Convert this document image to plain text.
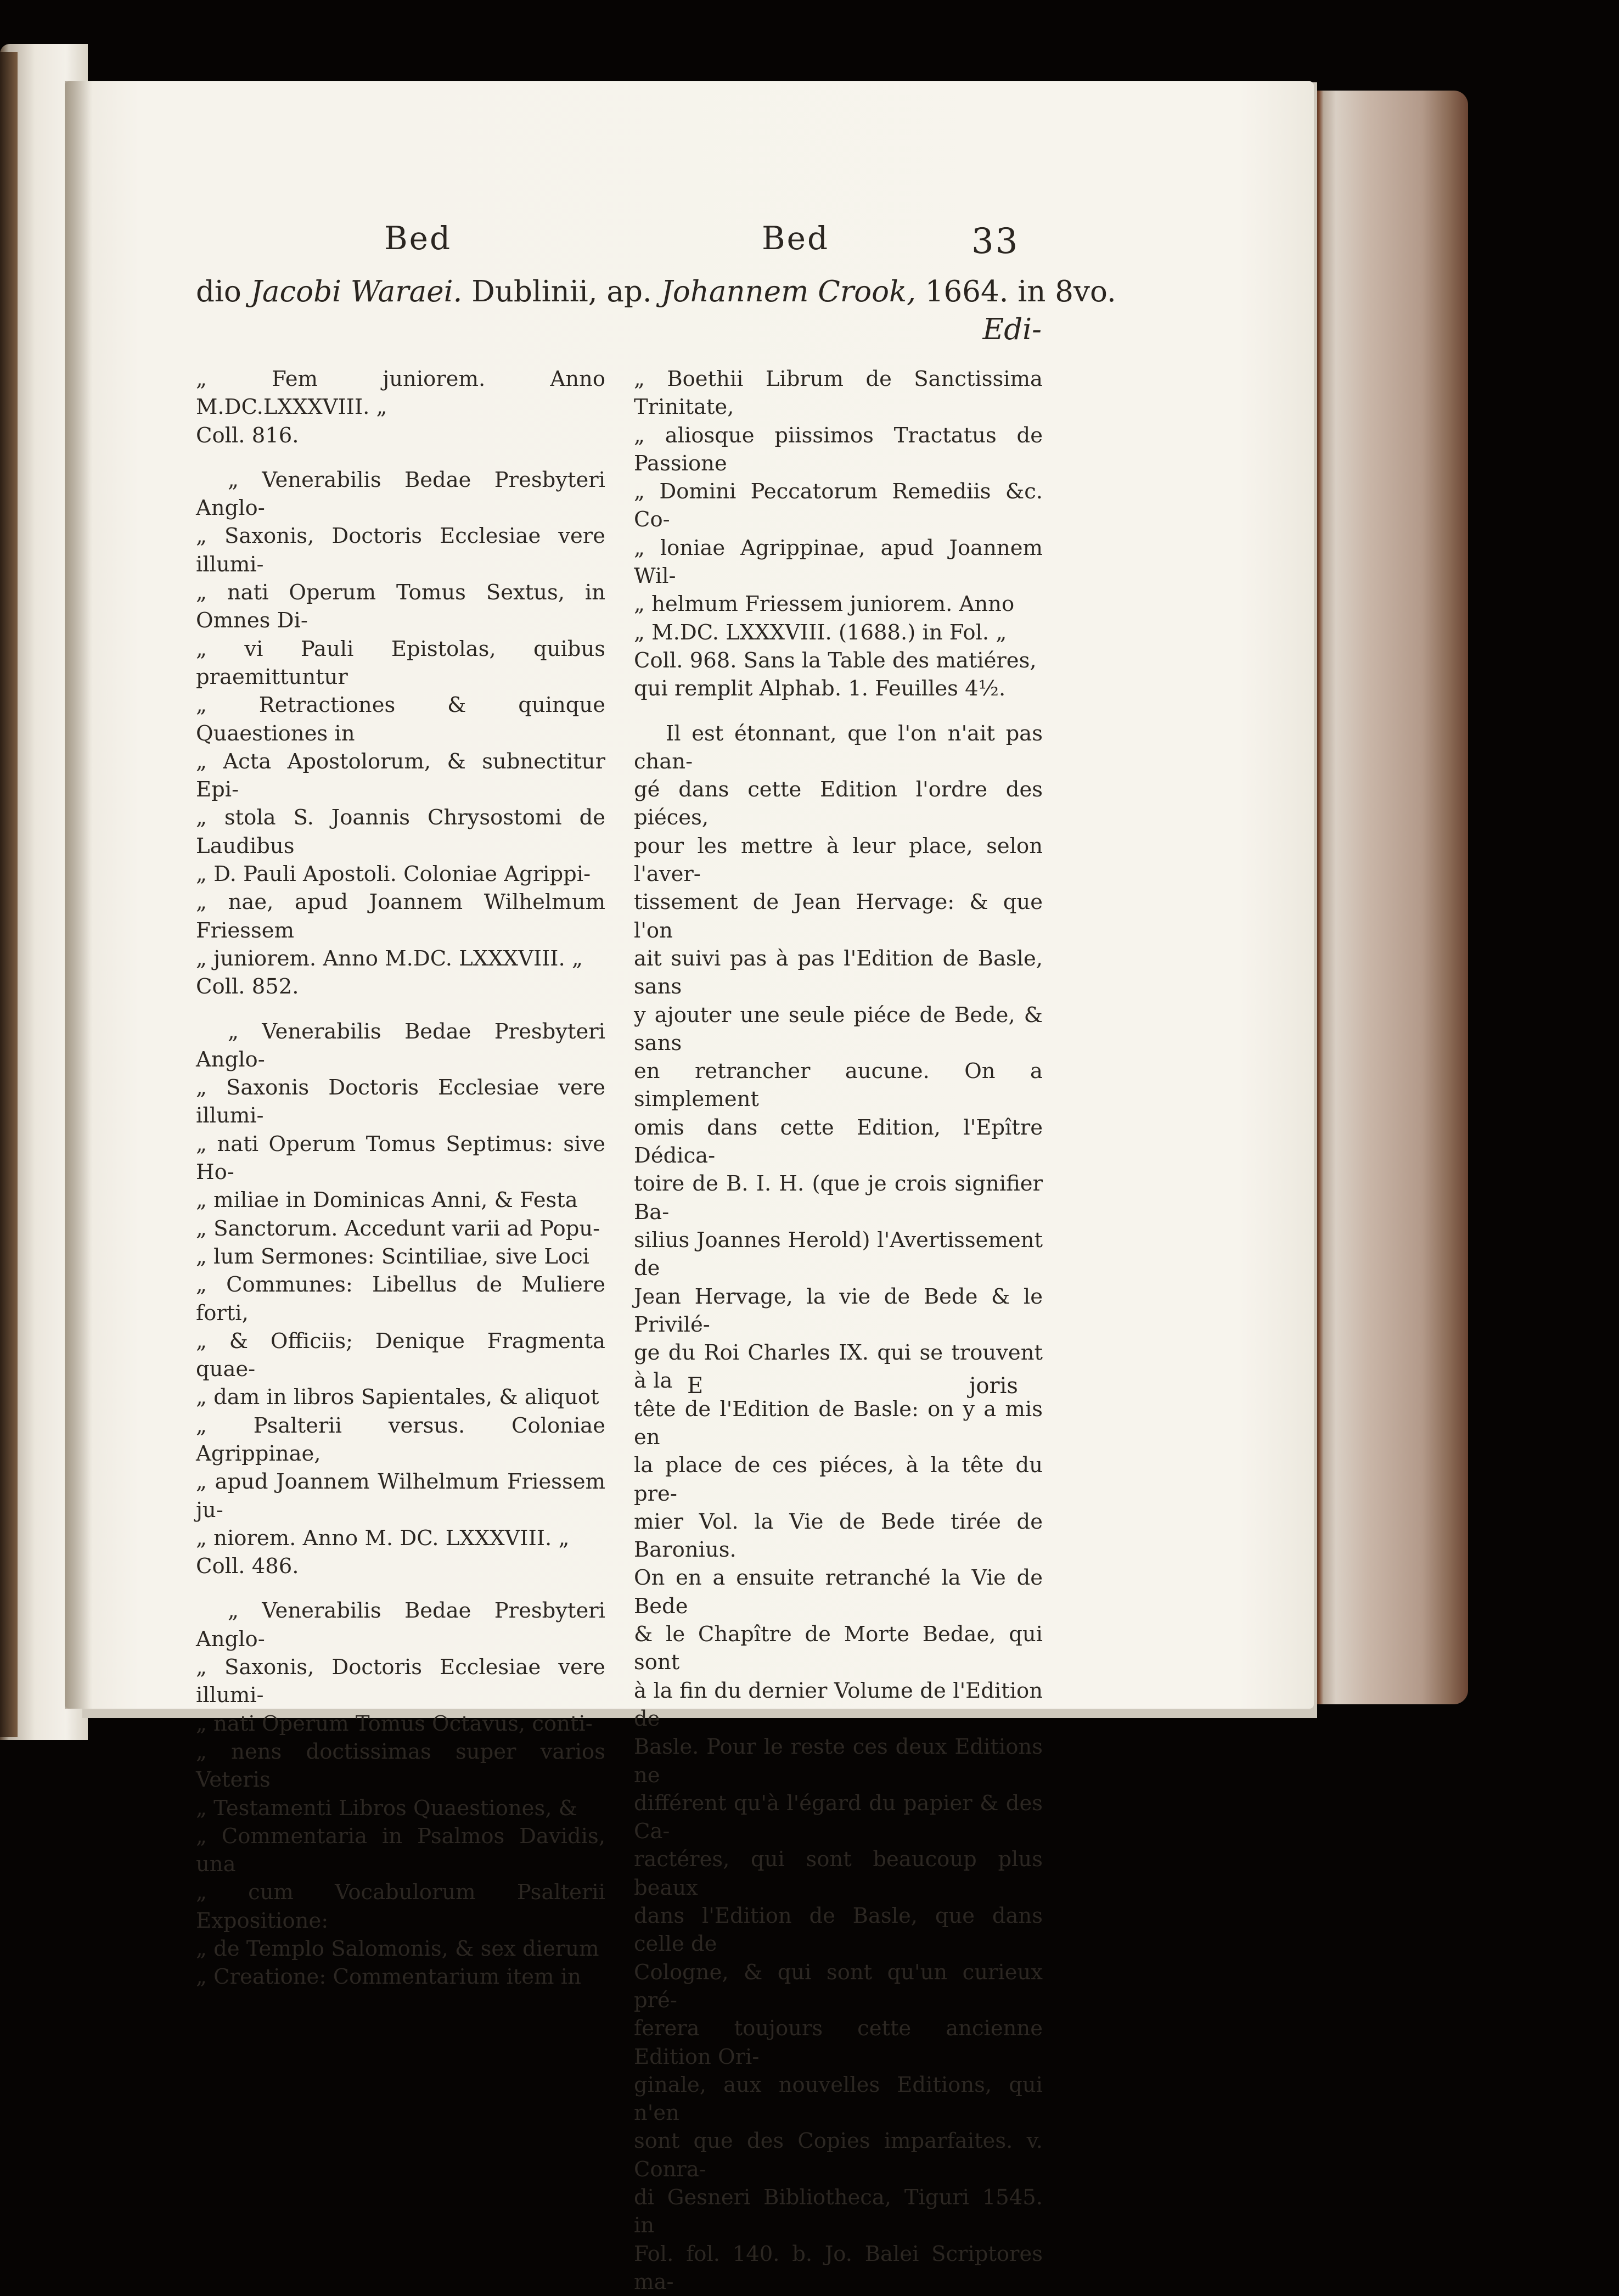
Bed	Bed	33
dio Jacobi Waraei. Dublinii, ap. Johannem Crook, 1664. in 8vo.
Edi-
„ Fem juniorem. Anno M.DC.LXXXVIII. „
Coll. 816.
„ Venerabilis Bedae Presbyteri Anglo-
„ Saxonis, Doctoris Ecclesiae vere illumi-
„ nati Operum Tomus Sextus, in Omnes Di-
„ vi Pauli Epistolas, quibus praemittuntur
„ Retractiones & quinque Quaestiones in
„ Acta Apostolorum, & subnectitur Epi-
„ stola S. Joannis Chrysostomi de Laudibus
„ D. Pauli Apostoli. Coloniae Agrippi-
„ nae, apud Joannem Wilhelmum Friessem
„ juniorem. Anno M.DC. LXXXVIII. „
Coll. 852.
„ Venerabilis Bedae Presbyteri Anglo-
„ Saxonis Doctoris Ecclesiae vere illumi-
„ nati Operum Tomus Septimus: sive Ho-
„ miliae in Dominicas Anni, & Festa
„ Sanctorum. Accedunt varii ad Popu-
„ lum Sermones: Scintiliae, sive Loci
„ Communes: Libellus de Muliere forti,
„ & Officiis; Denique Fragmenta quae-
„ dam in libros Sapientales, & aliquot
„ Psalterii versus. Coloniae Agrippinae,
„ apud Joannem Wilhelmum Friessem ju-
„ niorem. Anno M. DC. LXXXVIII. „
Coll. 486.
„ Venerabilis Bedae Presbyteri Anglo-
„ Saxonis, Doctoris Ecclesiae vere illumi-
„ nati Operum Tomus Octavus, conti-
„ nens doctissimas super varios Veteris
„ Testamenti Libros Quaestiones, &
„ Commentaria in Psalmos Davidis, una
„ cum Vocabulorum Psalterii Expositione:
„ de Templo Salomonis, & sex dierum
„ Creatione: Commentarium item in
„ Boethii Librum de Sanctissima Trinitate,
„ aliosque piissimos Tractatus de Passione
„ Domini Peccatorum Remediis &c. Co-
„ loniae Agrippinae, apud Joannem Wil-
„ helmum Friessem juniorem. Anno
„ M.DC. LXXXVIII. (1688.) in Fol. „
Coll. 968. Sans la Table des matiéres,
qui remplit Alphab. 1. Feuilles 4½.
Il est étonnant, que l'on n'ait pas chan-
gé dans cette Edition l'ordre des piéces,
pour les mettre à leur place, selon l'aver-
tissement de Jean Hervage: & que l'on
ait suivi pas à pas l'Edition de Basle, sans
y ajouter une seule piéce de Bede, & sans
en retrancher aucune. On a simplement
omis dans cette Edition, l'Epître Dédica-
toire de B. I. H. (que je crois signifier Ba-
silius Joannes Herold) l'Avertissement de
Jean Hervage, la vie de Bede & le Privilé-
ge du Roi Charles IX. qui se trouvent à la
tête de l'Edition de Basle: on y a mis en
la place de ces piéces, à la tête du pre-
mier Vol. la Vie de Bede tirée de Baronius.
On en a ensuite retranché la Vie de Bede
& le Chapître de Morte Bedae, qui sont
à la fin du dernier Volume de l'Edition de
Basle. Pour le reste ces deux Editions ne
différent qu'à l'égard du papier & des Ca-
ractéres, qui sont beaucoup plus beaux
dans l'Edition de Basle, que dans celle de
Cologne, & qui sont qu'un curieux pré-
ferera toujours cette ancienne Edition Ori-
ginale, aux nouvelles Editions, qui n'en
sont que des Copies imparfaites. v. Conra-
di Gesneri Bibliotheca, Tiguri 1545. in
Fol. fol. 140. b. Jo. Balei Scriptores ma-
E	joris
